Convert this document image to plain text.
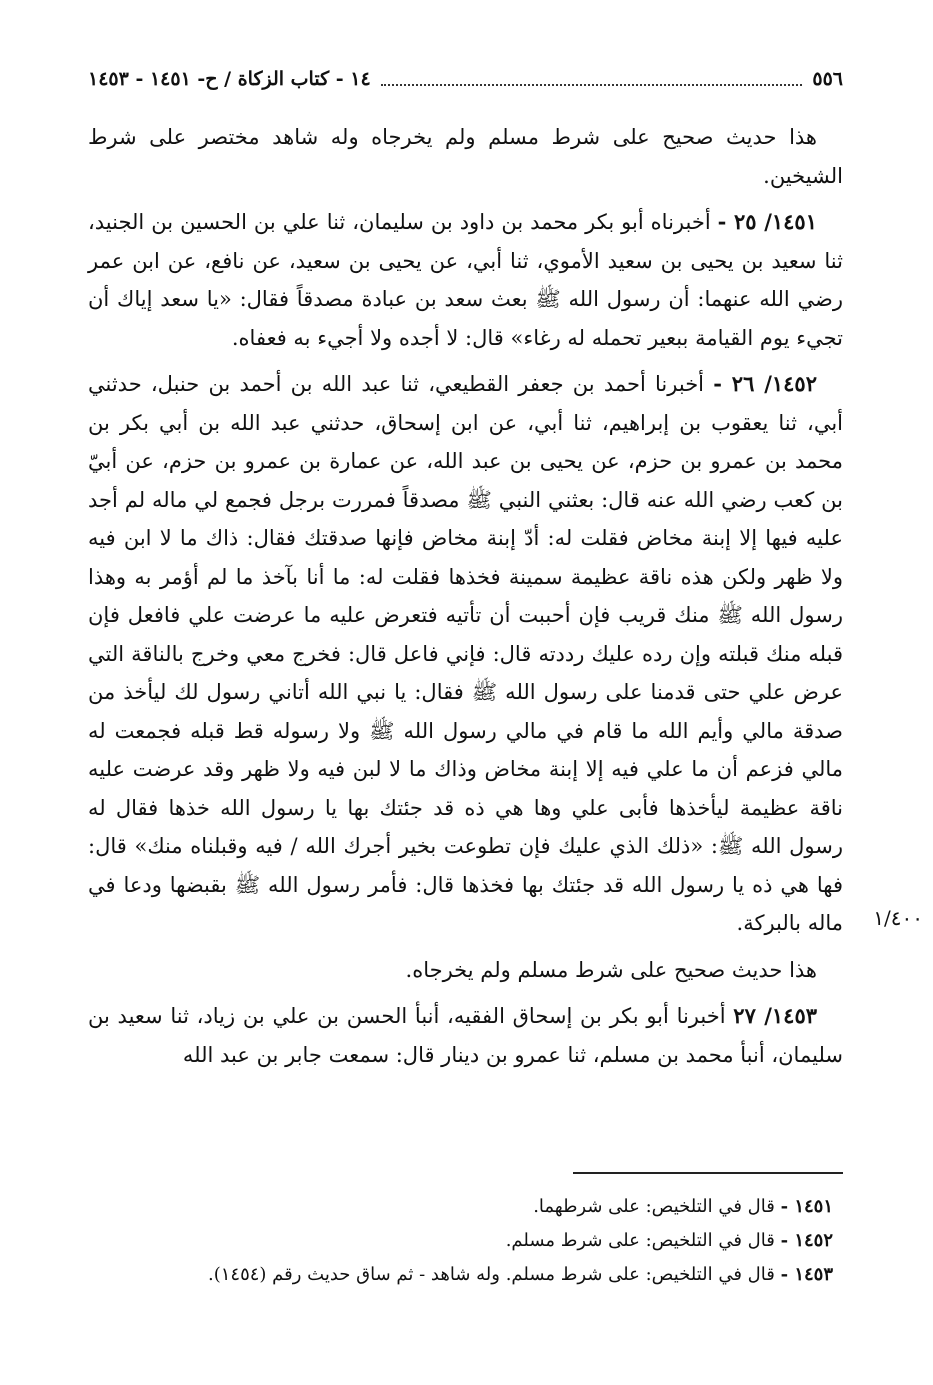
٥٥٦
١٤ - كتاب الزكاة / ح- ١٤٥١ - ١٤٥٣

هذا حديث صحيح على شرط مسلم ولم يخرجاه وله شاهد مختصر على شرط الشيخين.

١٤٥١/ ٢٥ - أخبرناه أبو بكر محمد بن داود بن سليمان، ثنا علي بن الحسين بن الجنيد، ثنا سعيد بن يحيى بن سعيد الأموي، ثنا أبي، عن يحيى بن سعيد، عن نافع، عن ابن عمر رضي الله عنهما: أن رسول الله ﷺ بعث سعد بن عبادة مصدقاً فقال: «يا سعد إياك أن تجيء يوم القيامة ببعير تحمله له رغاء» قال: لا أجده ولا أجيء به فعفاه.

١٤٥٢/ ٢٦ - أخبرنا أحمد بن جعفر القطيعي، ثنا عبد الله بن أحمد بن حنبل، حدثني أبي، ثنا يعقوب بن إبراهيم، ثنا أبي، عن ابن إسحاق، حدثني عبد الله بن أبي بكر بن محمد بن عمرو بن حزم، عن يحيى بن عبد الله، عن عمارة بن عمرو بن حزم، عن أبيّ بن كعب رضي الله عنه قال: بعثني النبي ﷺ مصدقاً فمررت برجل فجمع لي ماله لم أجد عليه فيها إلا إبنة مخاض فقلت له: أدّ إبنة مخاض فإنها صدقتك فقال: ذاك ما لا ابن فيه ولا ظهر ولكن هذه ناقة عظيمة سمينة فخذها فقلت له: ما أنا بآخذ ما لم أؤمر به وهذا رسول الله ﷺ منك قريب فإن أحببت أن تأتيه فتعرض عليه ما عرضت علي فافعل فإن قبله منك قبلته وإن رده عليك رددته قال: فإني فاعل قال: فخرج معي وخرج بالناقة التي عرض علي حتى قدمنا على رسول الله ﷺ فقال: يا نبي الله أتاني رسول لك ليأخذ من صدقة مالي وأيم الله ما قام في مالي رسول الله ﷺ ولا رسوله قط قبله فجمعت له مالي فزعم أن ما علي فيه إلا إبنة مخاض وذاك ما لا لبن فيه ولا ظهر وقد عرضت عليه ناقة عظيمة ليأخذها فأبى علي وها هي ذه قد جئتك بها يا رسول الله خذها فقال له رسول الله ﷺ: «ذلك الذي عليك فإن تطوعت بخير أجرك الله / فيه وقبلناه منك» قال: فها هي ذه يا رسول الله قد جئتك بها فخذها قال: فأمر رسول الله ﷺ بقبضها ودعا في ماله بالبركة.

هذا حديث صحيح على شرط مسلم ولم يخرجاه.

١٤٥٣/ ٢٧ أخبرنا أبو بكر بن إسحاق الفقيه، أنبأ الحسن بن علي بن زياد، ثنا سعيد بن سليمان، أنبأ محمد بن مسلم، ثنا عمرو بن دينار قال: سمعت جابر بن عبد الله

١/٤٠٠
١٤٥١ - قال في التلخيص: على شرطهما.
١٤٥٢ - قال في التلخيص: على شرط مسلم.
١٤٥٣ - قال في التلخيص: على شرط مسلم. وله شاهد - ثم ساق حديث رقم (١٤٥٤).
